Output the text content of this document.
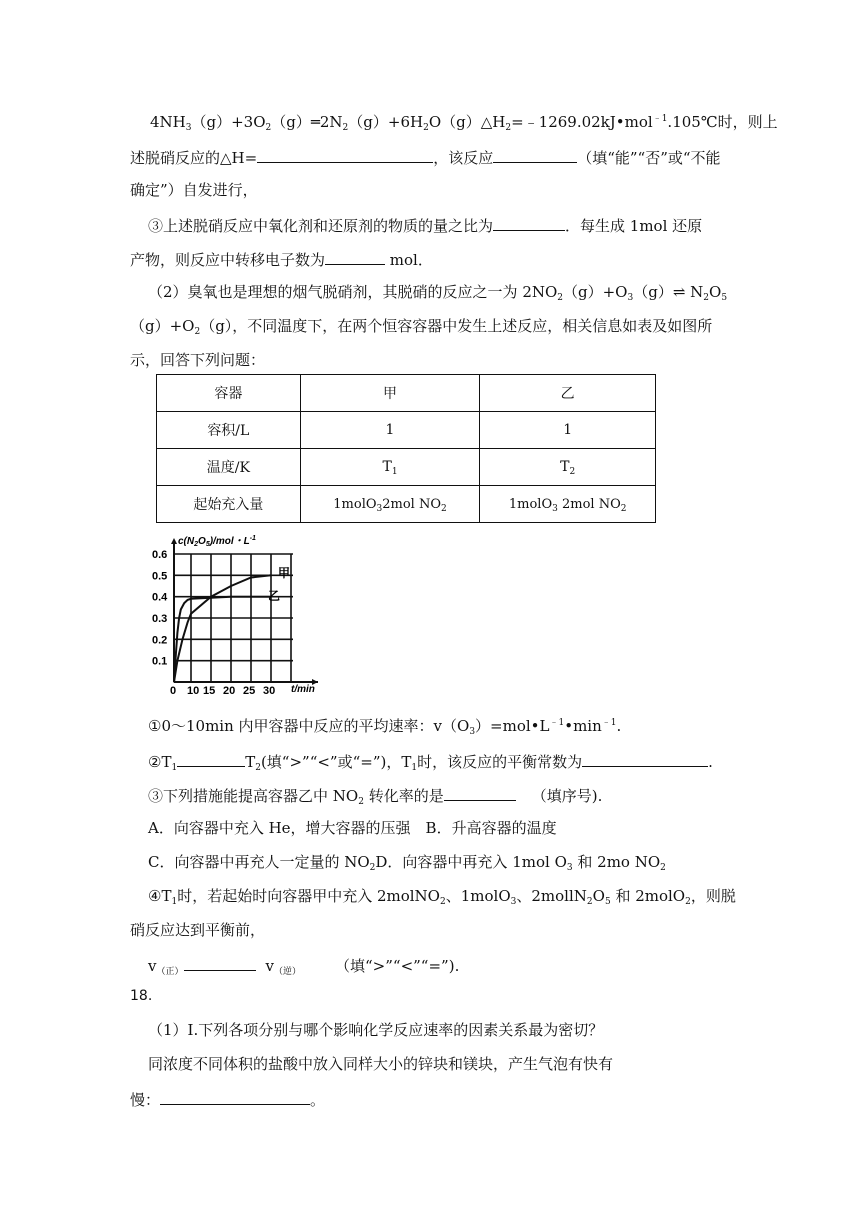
$4NH_3(g)+3O_2(g)═2N_2(g)+6H_2O(g)\triangle H_2=﹣1269.02kJ•mol^{﹣1}.105℃$时，则上
述脱硝反应的△H=	，该反应	（填“能”“否”或“不能
确定”）自发进行，
③上述脱硝反应中氧化剂和还原剂的物质的量之比为	．每生成 1mol 还原
产物，则反应中转移电子数为	mol．
（2）臭氧也是理想的烟气脱硝剂，其脱硝的反应之一为 $2NO_2(g)+O_3(g)\rightleftharpoons$ $N_2O_5$
$(g)+O_2(g)$，不同温度下，在两个恒容容器中发生上述反应，相关信息如表及如图所
示，回答下列问题：
容器	甲	乙
容积/L	1	1
温度/K	$T_1$	$T_2$
起始充入量	1molO$_3$2mol $NO_2$	1molO$_3$ 2mol $NO_2$
0.6
0.5
0.4
0.3
0.2
0.1
0 10 15 20 25 30
甲
乙
$c(N_2O_5)$/mol・$L^{-1}$
t/min
①0～10min 内甲容器中反应的平均速率：$v(O_3)=mol•L^{﹣1}•\min^{﹣1}$.
$②T_1$	$T_2$(填“>”“<”或“=”)，$T_1$时，该反应的平衡常数为	.
③下列措施能提高容器乙中 $NO_2$ 转化率的是	（填序号).
A．向容器中充入 He，增大容器的压强　B．升高容器的温度
C．向容器中再充人一定量的 $NO_2D$．向容器中再充入 1mol $O_3$ 和 2mo $NO_2$
$④T_1$时，若起始时向容器甲中充入 2molNO$_2$、1molO$_3$、$2mollN_2O_5$ 和 2molO$_2$，则脱
硝反应达到平衡前，
$v_{(正)}$	$v_{(逆)}$ （填“>”“<”“=”).
18.
（1）I.下列各项分别与哪个影响化学反应速率的因素关系最为密切？
同浓度不同体积的盐酸中放入同样大小的锌块和镁块，产生气泡有快有
慢：	。
